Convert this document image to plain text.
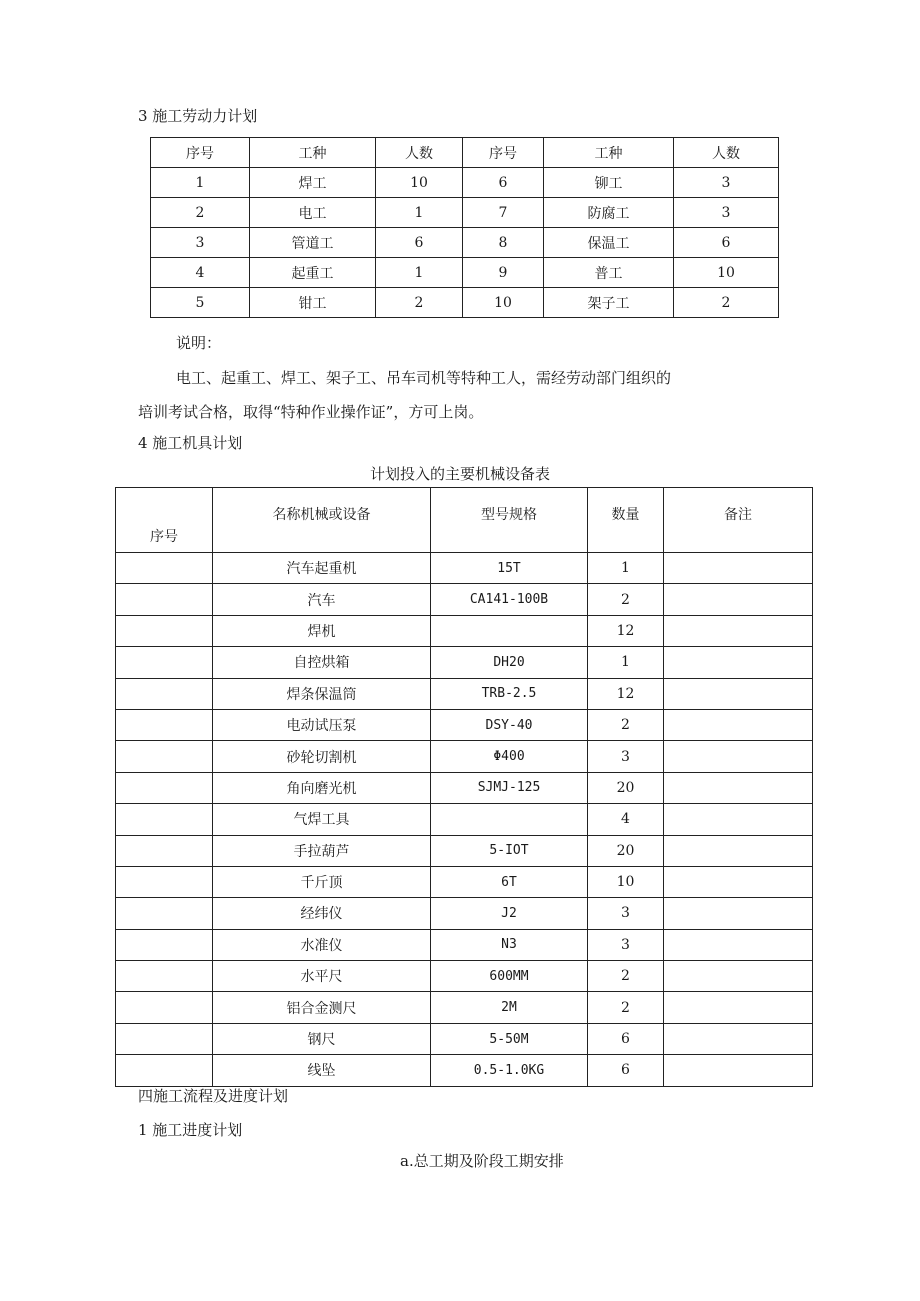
3 施工劳动力计划
序号	工种	人数	序号	工种	人数
1	焊工	10	6	铆工	3
2	电工	1	7	防腐工	3
3	管道工	6	8	保温工	6
4	起重工	1	9	普工	10
5	钳工	2	10	架子工	2
说明：
电工、起重工、焊工、架子工、吊车司机等特种工人，需经劳动部门组织的
培训考试合格，取得“特种作业操作证”，方可上岗。
4 施工机具计划
计划投入的主要机械设备表
序号	名称机械或设备	型号规格	数量	备注
	汽车起重机	15T	1	
	汽车	CA141-100B	2	
	焊机		12	
	自控烘箱	DH20	1	
	焊条保温筒	TRB-2.5	12	
	电动试压泵	DSY-40	2	
	砂轮切割机	Φ400	3	
	角向磨光机	SJMJ-125	20	
	气焊工具		4	
	手拉葫芦	5-IOT	20	
	千斤顶	6T	10	
	经纬仪	J2	3	
	水准仪	N3	3	
	水平尺	600MM	2	
	铝合金测尺	2M	2	
	钢尺	5-50M	6	
	线坠	0.5-1.0KG	6	
四施工流程及进度计划
1 施工进度计划
a.总工期及阶段工期安排
